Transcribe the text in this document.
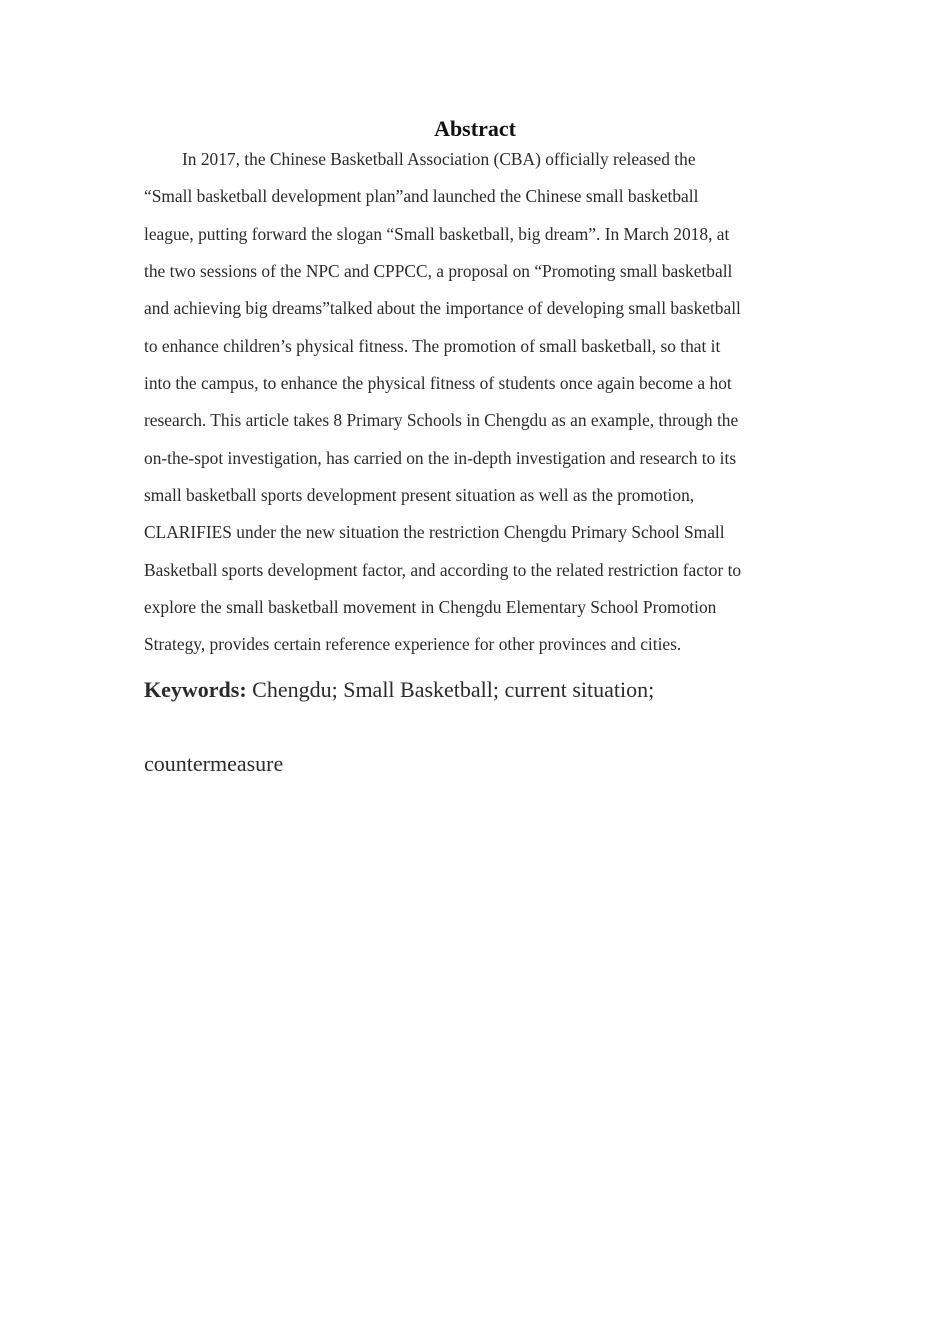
Abstract
In 2017, the Chinese Basketball Association (CBA) officially released the
“Small basketball development plan”and launched the Chinese small basketball
league, putting forward the slogan “Small basketball, big dream”. In March 2018, at
the two sessions of the NPC and CPPCC, a proposal on “Promoting small basketball
and achieving big dreams”talked about the importance of developing small basketball
to enhance children’s physical fitness. The promotion of small basketball, so that it
into the campus, to enhance the physical fitness of students once again become a hot
research. This article takes 8 Primary Schools in Chengdu as an example, through the
on-the-spot investigation, has carried on the in-depth investigation and research to its
small basketball sports development present situation as well as the promotion,
CLARIFIES under the new situation the restriction Chengdu Primary School Small
Basketball sports development factor, and according to the related restriction factor to
explore the small basketball movement in Chengdu Elementary School Promotion
Strategy, provides certain reference experience for other provinces and cities.
Keywords: Chengdu; Small Basketball; current situation;
countermeasure
